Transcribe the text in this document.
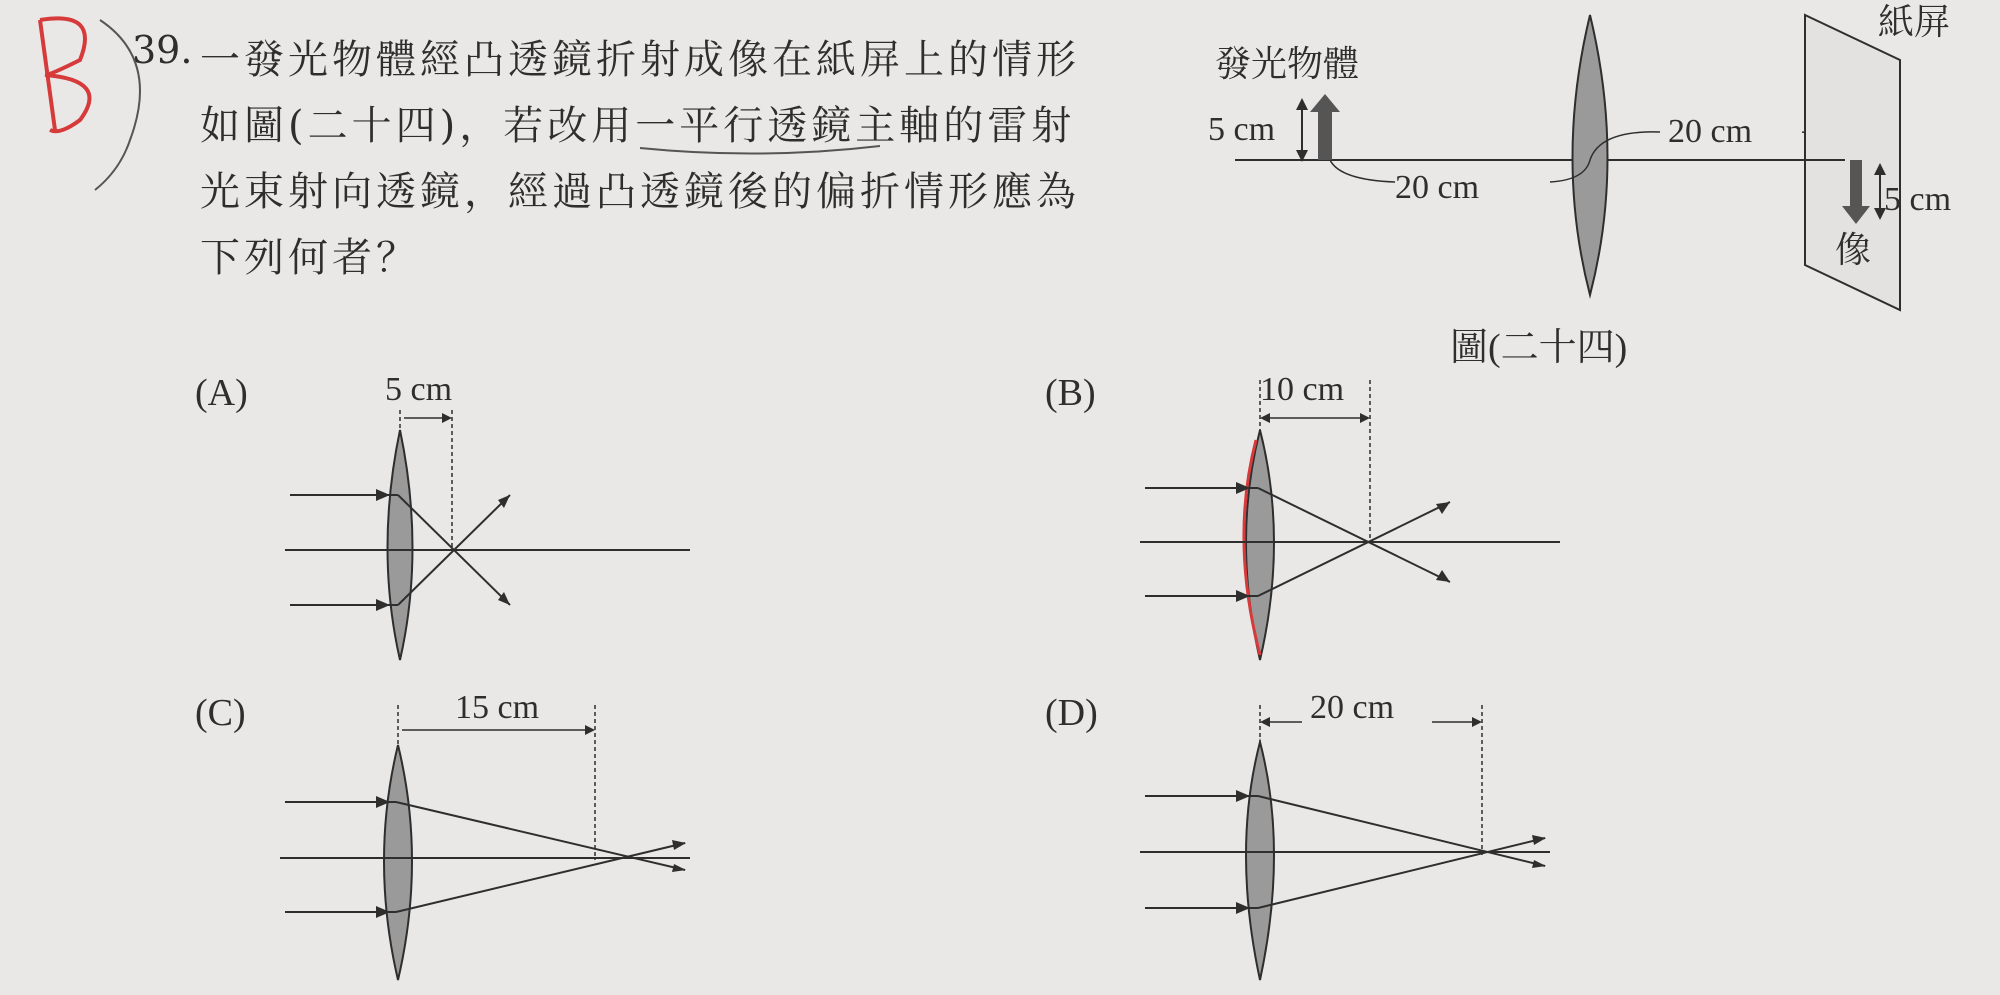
39. 一發光物體經凸透鏡折射成像在紙屏上的情形
如圖(二十四)，若改用一平行透鏡主軸的雷射
光束射向透鏡，經過凸透鏡後的偏折情形應為
下列何者？
發光物體
紙屏
5 cm
20 cm
20 cm
5 cm
像
圖(二十四)
(A)	5 cm	(B)	10 cm
(C)	15 cm	(D)	20 cm
